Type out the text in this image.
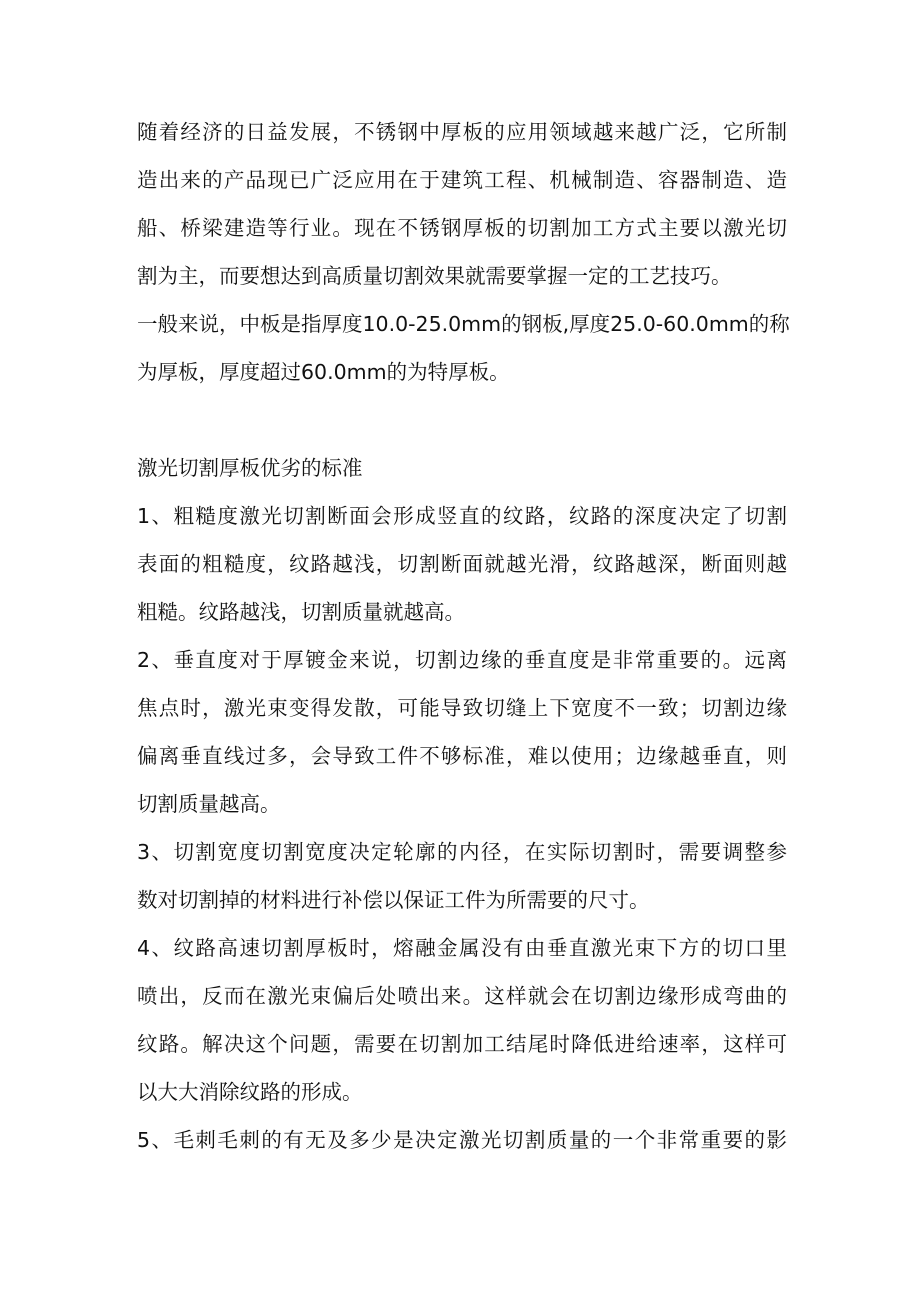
随着经济的日益发展，不锈钢中厚板的应用领域越来越广泛，它所制
造出来的产品现已广泛应用在于建筑工程、机械制造、容器制造、造
船、桥梁建造等行业。现在不锈钢厚板的切割加工方式主要以激光切
割为主，而要想达到高质量切割效果就需要掌握一定的工艺技巧。
一般来说，中板是指厚度10.0-25.0mm的钢板,厚度25.0-60.0mm的称
为厚板，厚度超过60.0mm的为特厚板。
激光切割厚板优劣的标准
1、粗糙度激光切割断面会形成竖直的纹路，纹路的深度决定了切割
表面的粗糙度，纹路越浅，切割断面就越光滑，纹路越深，断面则越
粗糙。纹路越浅，切割质量就越高。
2、垂直度对于厚镀金来说，切割边缘的垂直度是非常重要的。远离
焦点时，激光束变得发散，可能导致切缝上下宽度不一致；切割边缘
偏离垂直线过多，会导致工件不够标准，难以使用；边缘越垂直，则
切割质量越高。
3、切割宽度切割宽度决定轮廓的内径，在实际切割时，需要调整参
数对切割掉的材料进行补偿以保证工件为所需要的尺寸。
4、纹路高速切割厚板时，熔融金属没有由垂直激光束下方的切口里
喷出，反而在激光束偏后处喷出来。这样就会在切割边缘形成弯曲的
纹路。解决这个问题，需要在切割加工结尾时降低进给速率，这样可
以大大消除纹路的形成。
5、毛刺毛刺的有无及多少是决定激光切割质量的一个非常重要的影
